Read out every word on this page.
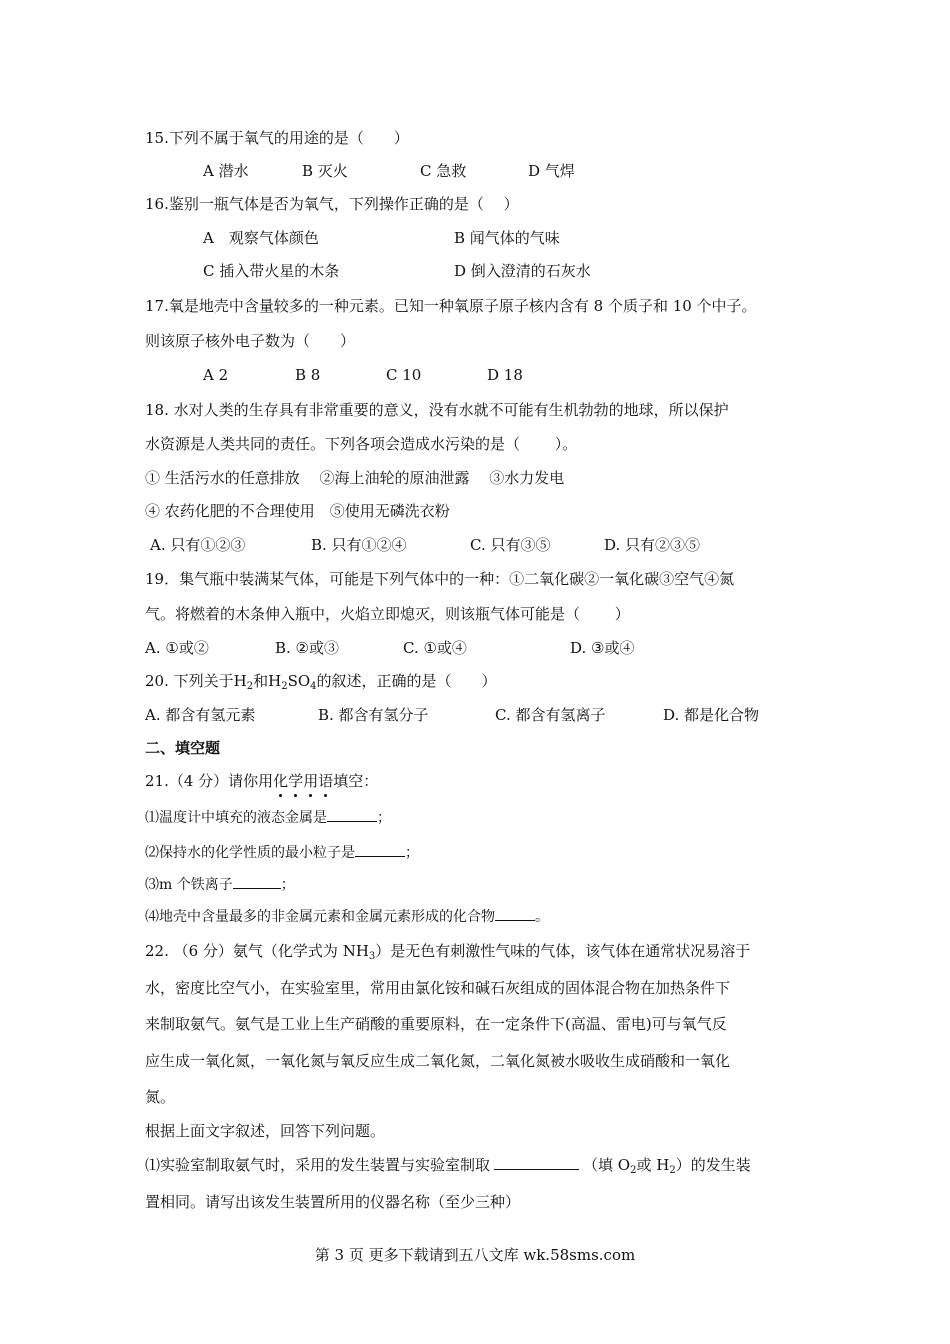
15.下列不属于氧气的用途的是（　　）
A 潜水	B 灭火	C 急救	D 气焊
16.鉴别一瓶气体是否为氧气，下列操作正确的是（　 ）
A　观察气体颜色	B 闻气体的气味
C 插入带火星的木条	D 倒入澄清的石灰水
17.氧是地壳中含量较多的一种元素。已知一种氧原子原子核内含有 8 个质子和 10 个中子。
则该原子核外电子数为（　　）
A 2	B 8	C 10	D 18
18. 水对人类的生存具有非常重要的意义，没有水就不可能有生机勃勃的地球，所以保护
水资源是人类共同的责任。下列各项会造成水污染的是（　　 ）。
① 生活污水的任意排放　 ②海上油轮的原油泄露　 ③水力发电
④ 农药化肥的不合理使用　⑤使用无磷洗衣粉
A. 只有①②③	B. 只有①②④	C. 只有③⑤	D. 只有②③⑤
19．集气瓶中装满某气体，可能是下列气体中的一种：①二氧化碳②一氧化碳③空气④氮
气。将燃着的木条伸入瓶中，火焰立即熄灭，则该瓶气体可能是（　　 ）
A. ①或②	B. ②或③	C. ①或④	D. ③或④
20. 下列关于$H_2$和$H_2SO_4$的叙述，正确的是（　　）
A. 都含有氢元素	B. 都含有氢分子	C. 都含有氢离子	D. 都是化合物
二、填空题
21.（4 分）请你用化学用语填空：
⑴温度计中填充的液态金属是	；
⑵保持水的化学性质的最小粒子是	；
⑶m 个铁离子	；
⑷地壳中含量最多的非金属元素和金属元素形成的化合物	。
22. （6 分）氨气（化学式为 $NH_3$）是无色有刺激性气味的气体，该气体在通常状况易溶于
水，密度比空气小，在实验室里，常用由氯化铵和碱石灰组成的固体混合物在加热条件下
来制取氨气。氨气是工业上生产硝酸的重要原料，在一定条件下(高温、雷电)可与氧气反
应生成一氧化氮，一氧化氮与氧反应生成二氧化氮，二氧化氮被水吸收生成硝酸和一氧化
氮。
根据上面文字叙述，回答下列问题。
⑴实验室制取氨气时，采用的发生装置与实验室制取	（填 $O_2$或 $H_2$）的发生装
置相同。请写出该发生装置所用的仪器名称（至少三种）
第 3 页 更多下载请到五八文库 wk.58sms.com
